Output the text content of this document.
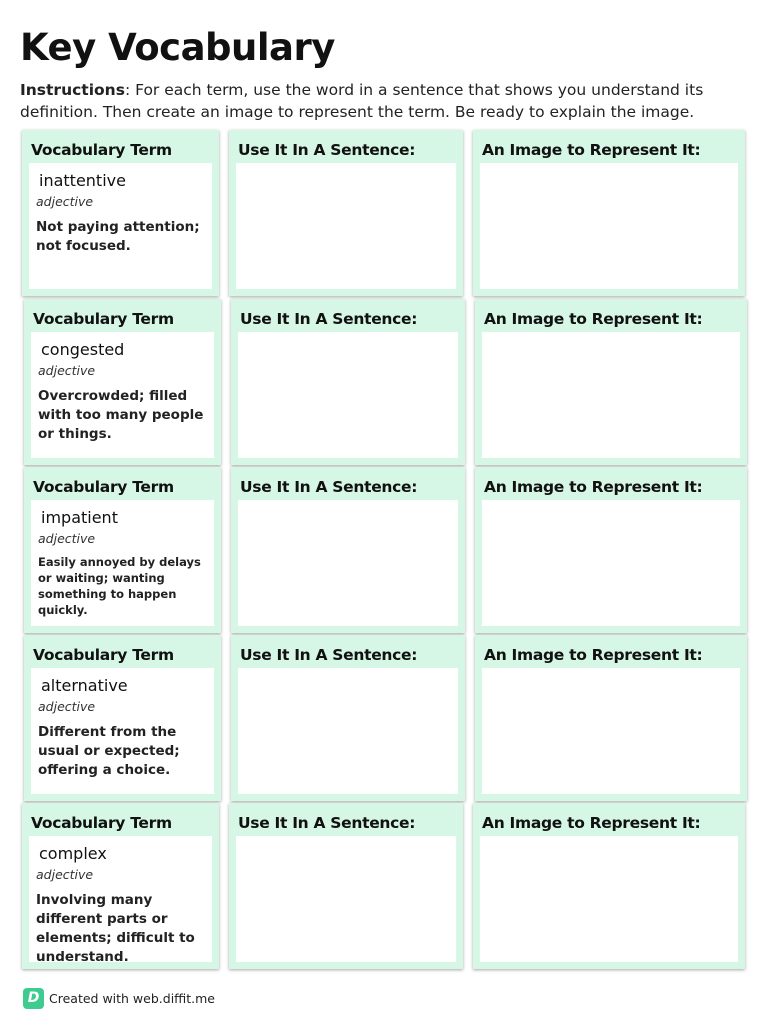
Key Vocabulary
Instructions: For each term, use the word in a sentence that shows you understand its definition. Then create an image to represent the term. Be ready to explain the image.
Vocabulary Term
inattentive
adjective
Not paying attention; not focused.
Use It In A Sentence:	An Image to Represent It:
Vocabulary Term
congested
adjective
Overcrowded; filled with too many people or things.
Use It In A Sentence:	An Image to Represent It:
Vocabulary Term
impatient
adjective
Easily annoyed by delays or waiting; wanting something to happen quickly.
Use It In A Sentence:	An Image to Represent It:
Vocabulary Term
alternative
adjective
Different from the usual or expected; offering a choice.
Use It In A Sentence:	An Image to Represent It:
Vocabulary Term
complex
adjective
Involving many different parts or elements; difficult to understand.
Use It In A Sentence:	An Image to Represent It:
D Created with web.diffit.me
